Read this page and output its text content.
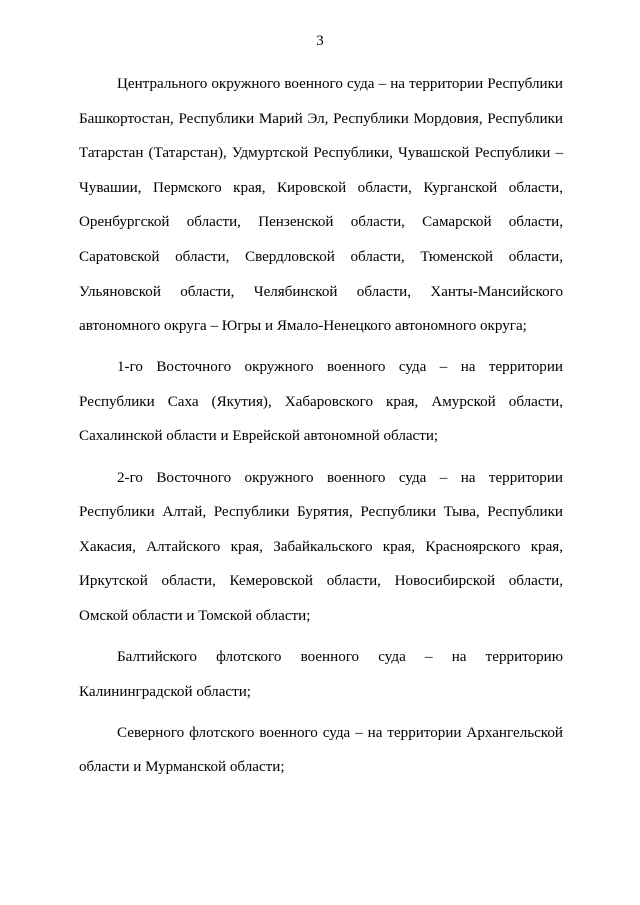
3

Центрального окружного военного суда – на территории Республики Башкортостан, Республики Марий Эл, Республики Мордовия, Республики Татарстан (Татарстан), Удмуртской Республики, Чувашской Республики – Чувашии, Пермского края, Кировской области, Курганской области, Оренбургской области, Пензенской области, Самарской области, Саратовской области, Свердловской области, Тюменской области, Ульяновской области, Челябинской области, Ханты-Мансийского автономного округа – Югры и Ямало-Ненецкого автономного округа;

1-го Восточного окружного военного суда – на территории Республики Саха (Якутия), Хабаровского края, Амурской области, Сахалинской области и Еврейской автономной области;

2-го Восточного окружного военного суда – на территории Республики Алтай, Республики Бурятия, Республики Тыва, Республики Хакасия, Алтайского края, Забайкальского края, Красноярского края, Иркутской области, Кемеровской области, Новосибирской области, Омской области и Томской области;

Балтийского флотского военного суда – на территорию Калининградской области;

Северного флотского военного суда – на территории Архангельской области и Мурманской области;
